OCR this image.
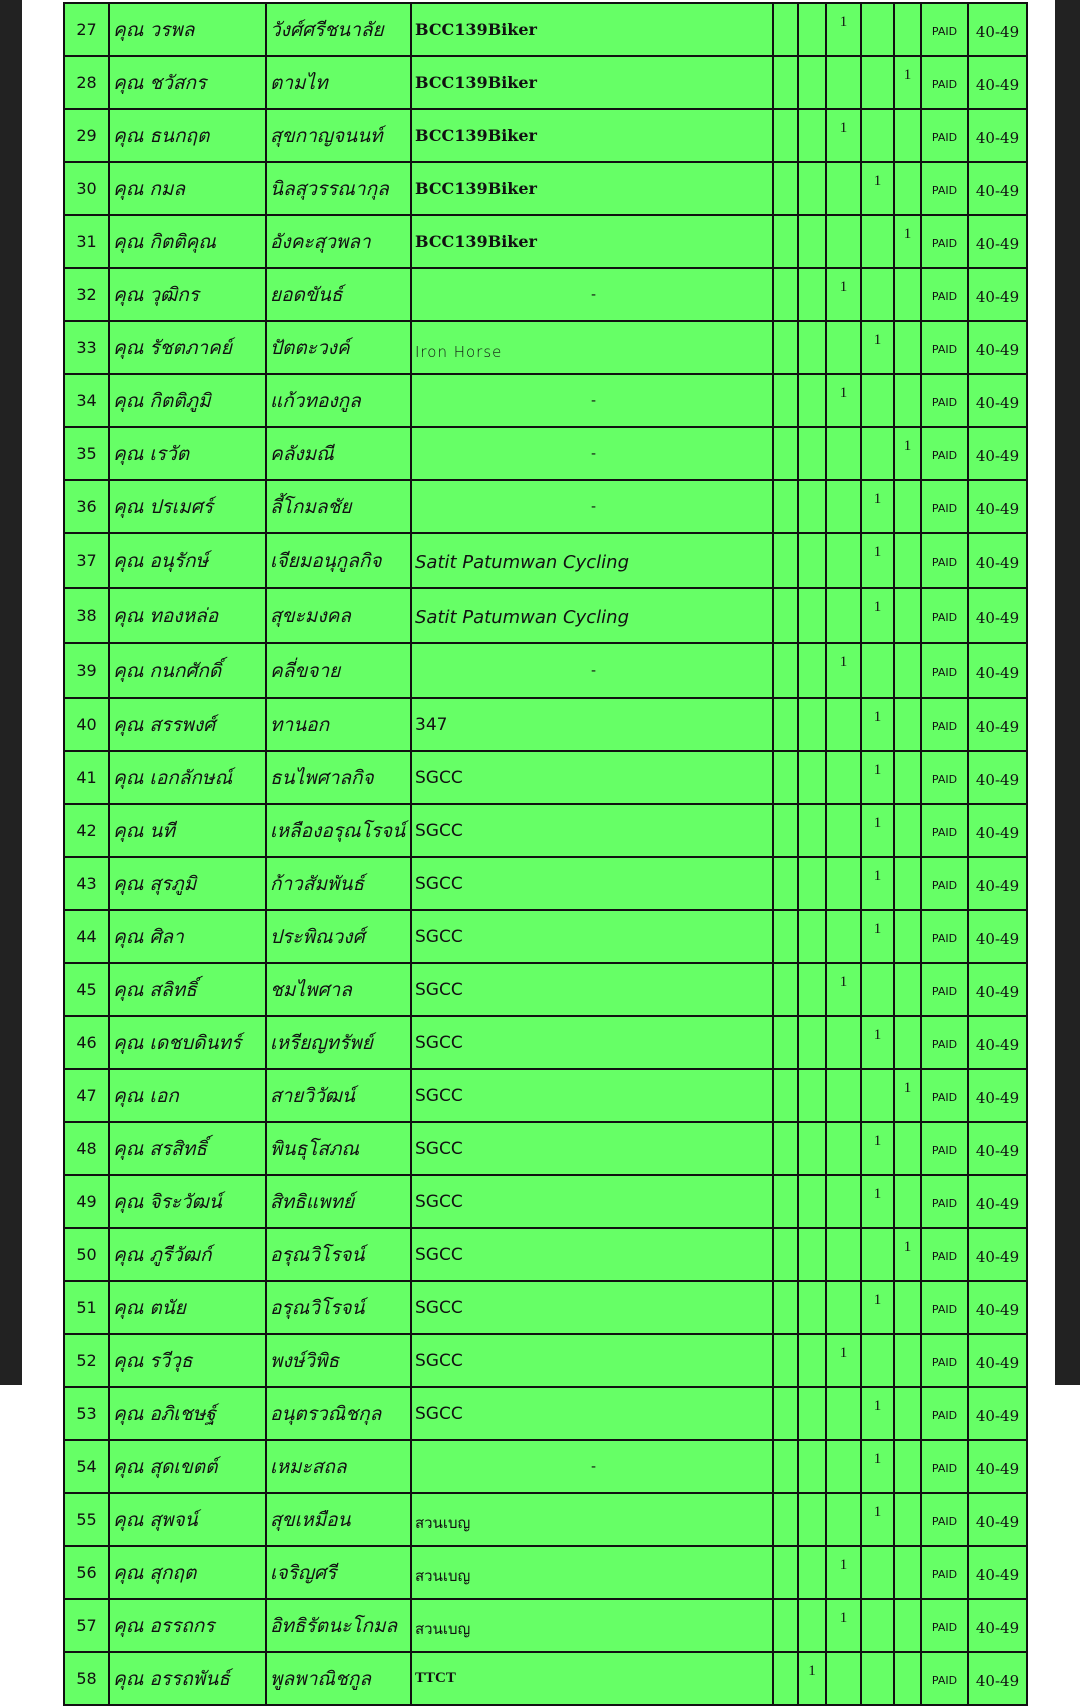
27	คุณ วรพล	วังศ์ศรีชนาลัย	BCC139Biker			1			PAID	40-49
28	คุณ ชวัสกร	ตามไท	BCC139Biker					1	PAID	40-49
29	คุณ ธนกฤต	สุขกาญจนนท์	BCC139Biker			1			PAID	40-49
30	คุณ กมล	นิลสุวรรณากุล	BCC139Biker				1		PAID	40-49
31	คุณ กิตติคุณ	อังคะสุวพลา	BCC139Biker					1	PAID	40-49
32	คุณ วุฒิกร	ยอดขันธ์	-			1			PAID	40-49
33	คุณ รัชตภาคย์	ปัตตะวงค์	Iron Horse				1		PAID	40-49
34	คุณ กิตติภูมิ	แก้วทองกูล	-			1			PAID	40-49
35	คุณ เรวัต	คลังมณี	-					1	PAID	40-49
36	คุณ ปรเมศร์	ลี้โกมลชัย	-				1		PAID	40-49
37	คุณ อนุรักษ์	เจียมอนุกูลกิจ	Satit Patumwan Cycling				1		PAID	40-49
38	คุณ ทองหล่อ	สุขะมงคล	Satit Patumwan Cycling				1		PAID	40-49
39	คุณ กนกศักดิ์	คลี่ขจาย	-			1			PAID	40-49
40	คุณ สรรพงศ์	ทานอก	347				1		PAID	40-49
41	คุณ เอกลักษณ์	ธนไพศาลกิจ	SGCC				1		PAID	40-49
42	คุณ นที	เหลืองอรุณโรจน์	SGCC				1		PAID	40-49
43	คุณ สุรภูมิ	ก้าวสัมพันธ์	SGCC				1		PAID	40-49
44	คุณ ศิลา	ประพิณวงศ์	SGCC				1		PAID	40-49
45	คุณ สลิทธิ์	ชมไพศาล	SGCC			1			PAID	40-49
46	คุณ เดชบดินทร์	เหรียญทรัพย์	SGCC				1		PAID	40-49
47	คุณ เอก	สายวิวัฒน์	SGCC					1	PAID	40-49
48	คุณ สรสิทธิ์	พินธุโสภณ	SGCC				1		PAID	40-49
49	คุณ จิระวัฒน์	สิทธิแพทย์	SGCC				1		PAID	40-49
50	คุณ ภูรีวัฒก์	อรุณวิโรจน์	SGCC					1	PAID	40-49
51	คุณ ตนัย	อรุณวิโรจน์	SGCC				1		PAID	40-49
52	คุณ รวีวุธ	พงษ์วิพิธ	SGCC			1			PAID	40-49
53	คุณ อภิเชษฐ์	อนุตรวณิชกุล	SGCC				1		PAID	40-49
54	คุณ สุดเขตต์	เหมะสถล	-				1		PAID	40-49
55	คุณ สุพจน์	สุขเหมือน	สวนเบญ				1		PAID	40-49
56	คุณ สุกฤต	เจริญศรี	สวนเบญ			1			PAID	40-49
57	คุณ อรรถกร	อิทธิรัตนะโกมล	สวนเบญ			1			PAID	40-49
58	คุณ อรรถพันธ์	พูลพาณิชกูล	TTCT		1				PAID	40-49
